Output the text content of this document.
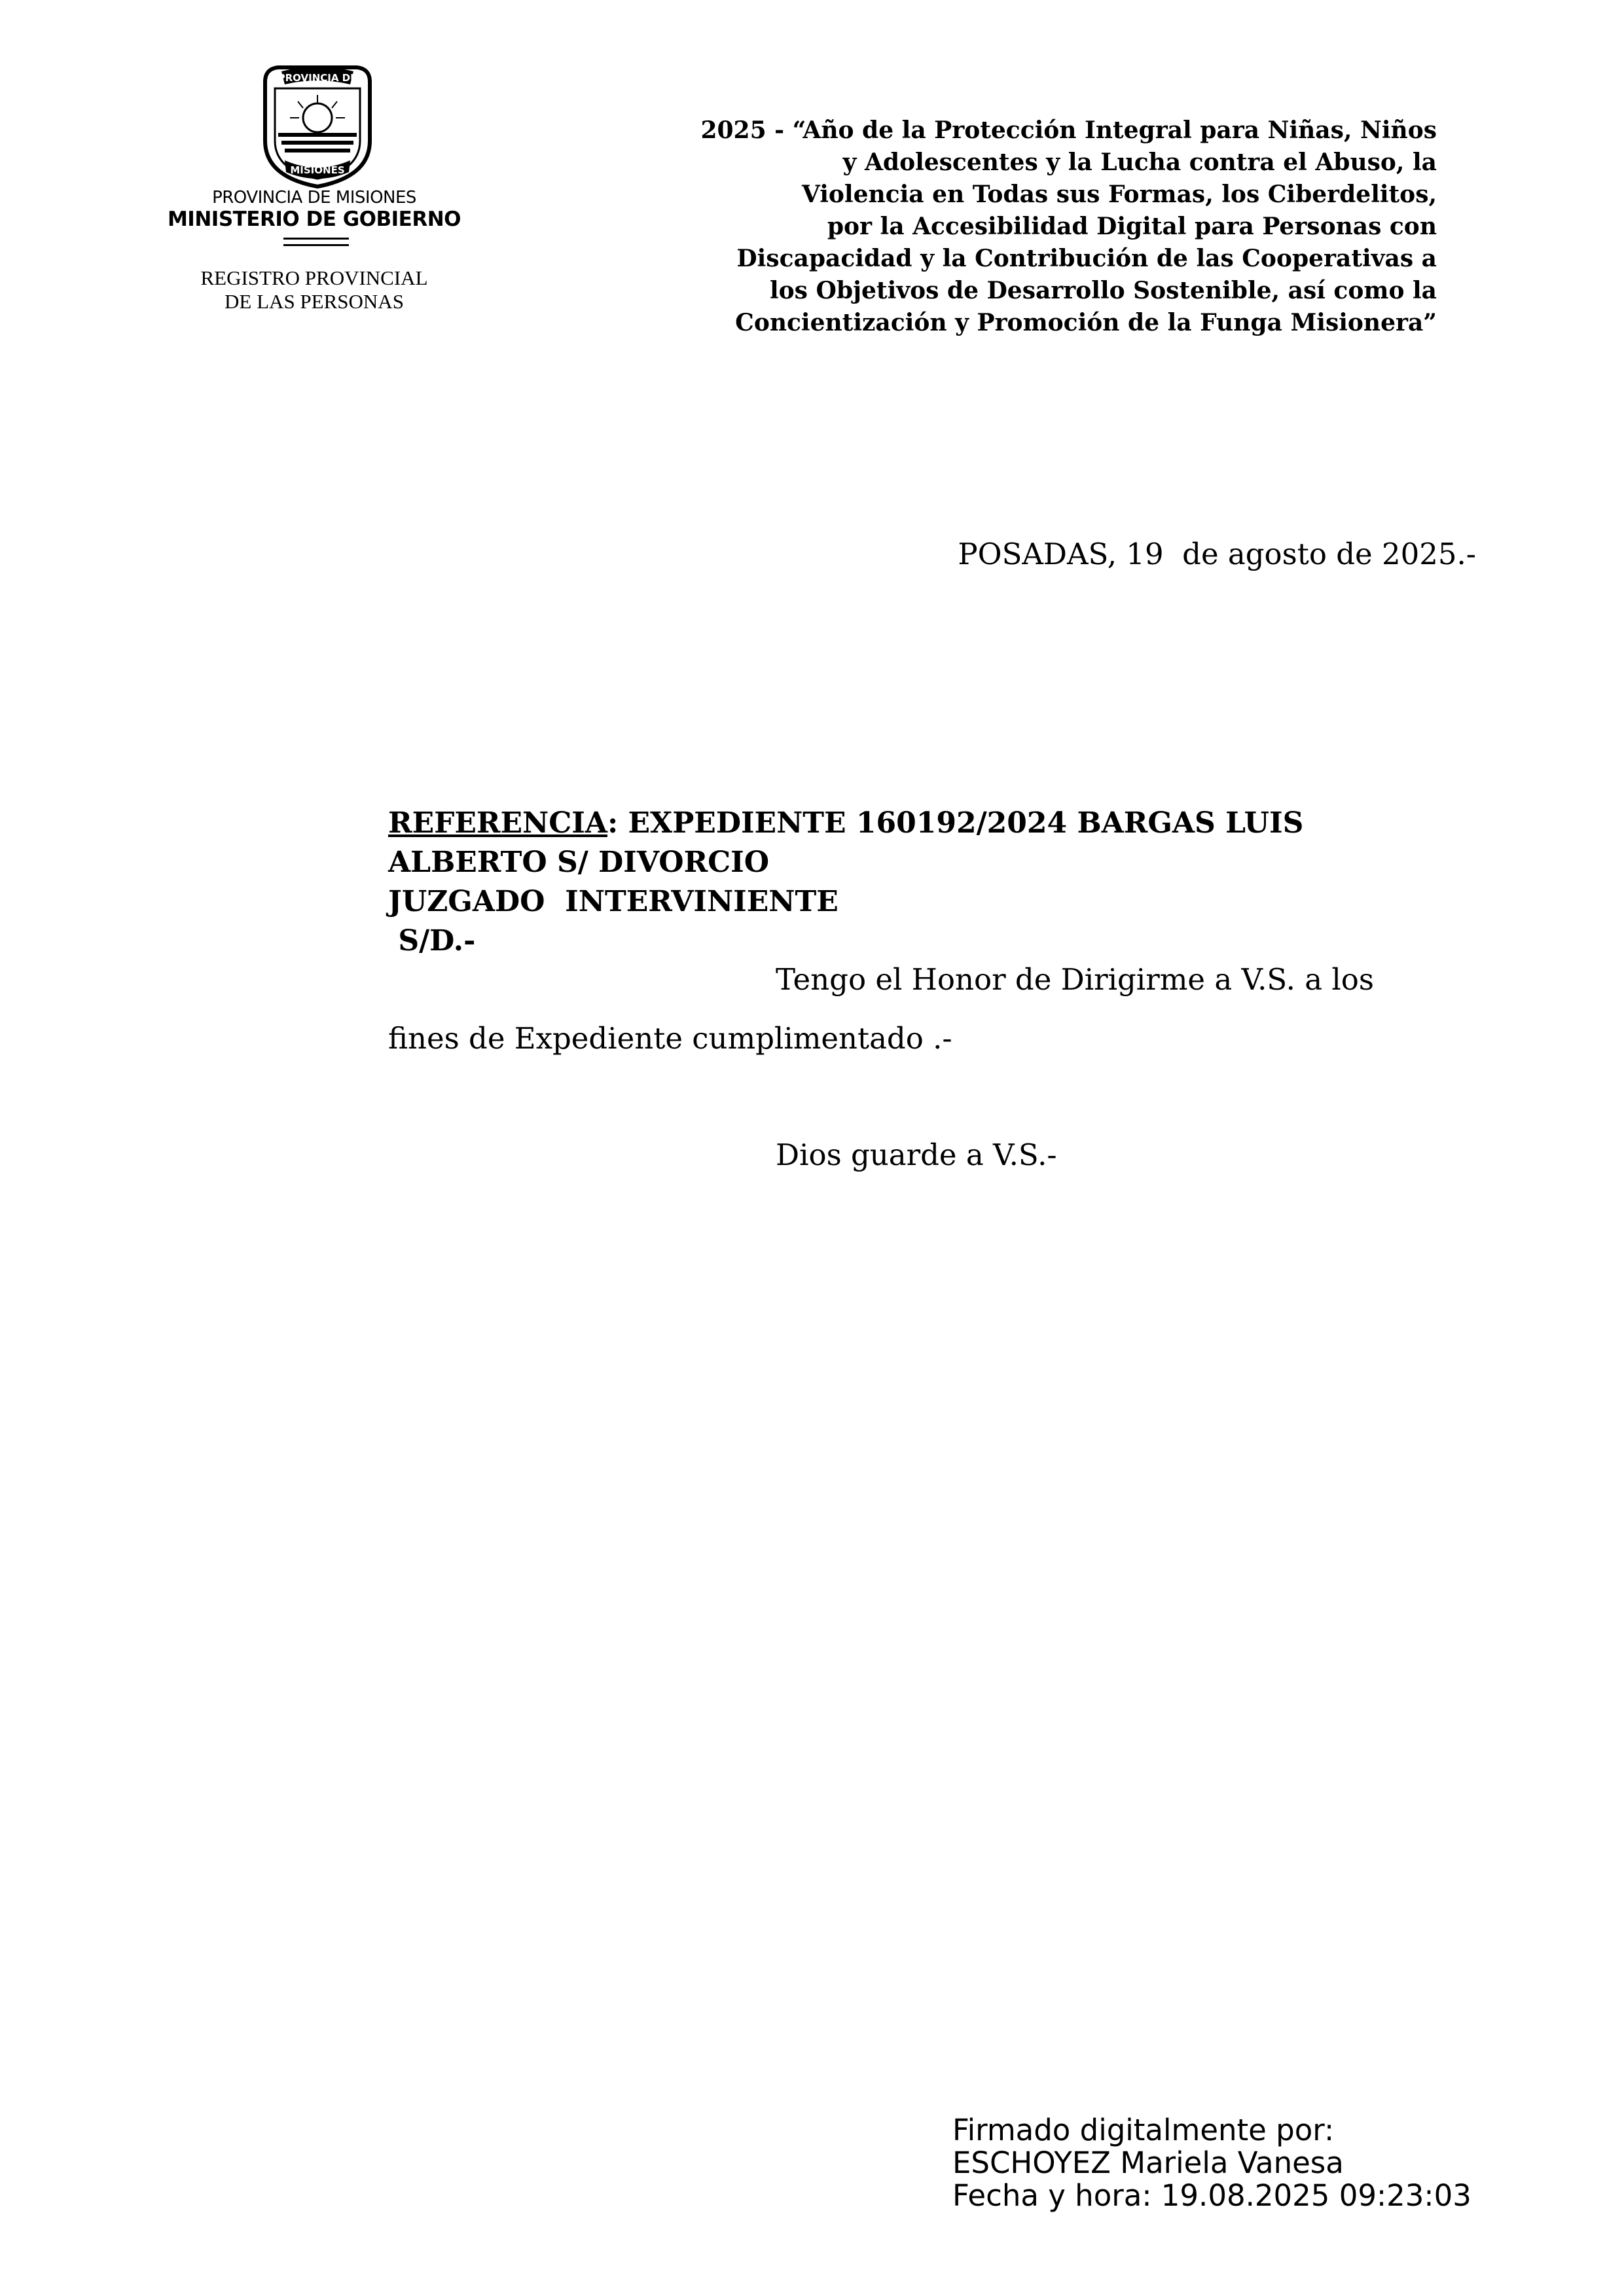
PROVINCIA DE
MISIONES
PROVINCIA DE MISIONES
MINISTERIO DE GOBIERNO
REGISTRO PROVINCIAL
DE LAS PERSONAS
2025 - “Año de la Protección Integral para Niñas, Niños
y Adolescentes y la Lucha contra el Abuso, la
Violencia en Todas sus Formas, los Ciberdelitos,
por la Accesibilidad Digital para Personas con
Discapacidad y la Contribución de las Cooperativas a
los Objetivos de Desarrollo Sostenible, así como la
Concientización y Promoción de la Funga Misionera”
POSADAS, 19  de agosto de 2025.-
REFERENCIA: EXPEDIENTE 160192/2024 BARGAS LUIS
ALBERTO S/ DIVORCIO
JUZGADO  INTERVINIENTE
S/D.-
Tengo el Honor de Dirigirme a V.S. a los
fines de Expediente cumplimentado .-
Dios guarde a V.S.-
Firmado digitalmente por:
ESCHOYEZ Mariela Vanesa
Fecha y hora: 19.08.2025 09:23:03
